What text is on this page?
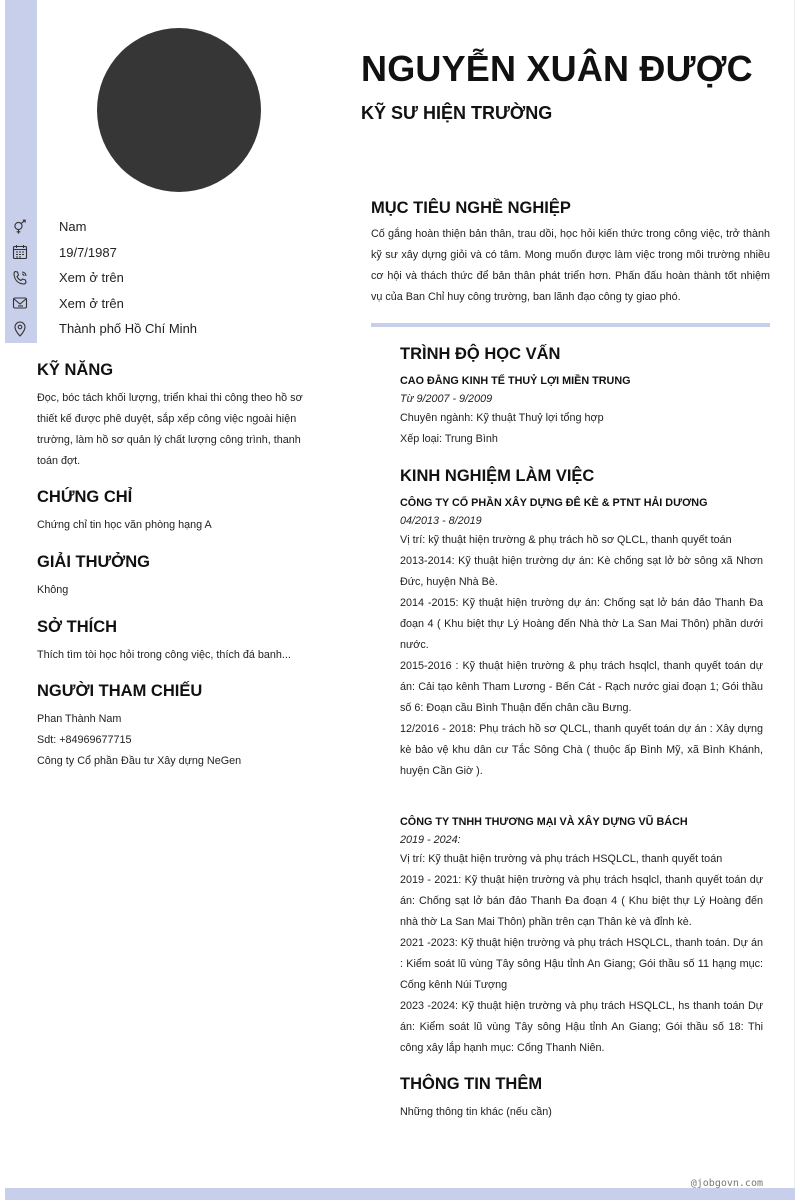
NGUYỄN XUÂN ĐƯỢC
KỸ SƯ HIỆN TRƯỜNG
Nam
19/7/1987
Xem ở trên
Xem ở trên
Thành phố Hồ Chí Minh
KỸ NĂNG
Đọc, bóc tách khối lượng, triển khai thi công theo hồ sơ thiết kế được phê duyệt, sắp xếp công việc ngoài hiện trường, làm hồ sơ quản lý chất lượng công trình, thanh toán đợt.
CHỨNG CHỈ
Chứng chỉ tin học văn phòng hạng A
GIẢI THƯỞNG
Không
SỞ THÍCH
Thích tìm tòi học hỏi trong công việc, thích đá banh...
NGƯỜI THAM CHIẾU
Phan Thành Nam
Sdt: +84969677715
Công ty Cổ phần Đầu tư Xây dựng NeGen
MỤC TIÊU NGHỀ NGHIỆP
Cố gắng hoàn thiện bản thân, trau dồi, học hỏi kiến thức trong công việc, trở thành kỹ sư xây dựng giỏi và có tâm. Mong muốn được làm việc trong môi trường nhiều cơ hội và thách thức để bản thân phát triển hơn. Phấn đấu hoàn thành tốt nhiệm vụ của Ban Chỉ huy công trường, ban lãnh đạo công ty giao phó.
TRÌNH ĐỘ HỌC VẤN
CAO ĐẲNG KINH TẾ THUỶ LỢI MIỀN TRUNG
Từ 9/2007 - 9/2009
Chuyên ngành: Kỹ thuật Thuỷ lợi tổng hợp
Xếp loại: Trung Bình
KINH NGHIỆM LÀM VIỆC
CÔNG TY CỔ PHẦN XÂY DỰNG ĐÊ KÈ & PTNT HẢI DƯƠNG
04/2013 - 8/2019
Vị trí: kỹ thuật hiện trường & phụ trách hồ sơ QLCL, thanh quyết toán
2013-2014: Kỹ thuật hiện trường dự án: Kè chống sạt lở bờ sông xã Nhơn Đức, huyện Nhà Bè.
2014 -2015: Kỹ thuật hiện trường dự án: Chống sạt lở bán đảo Thanh Đa đoạn 4 ( Khu biệt thự Lý Hoàng đến Nhà thờ La San Mai Thôn) phần dưới nước.
2015-2016 : Kỹ thuật hiện trường & phụ trách hsqlcl, thanh quyết toán dự án: Cải tạo kênh Tham Lương - Bến Cát - Rạch nước giai đoạn 1; Gói thầu số 6: Đoạn cầu Bình Thuận đến chân cầu Bưng.
12/2016 - 2018: Phụ trách hồ sơ QLCL, thanh quyết toán dự án : Xây dựng kè bảo vệ khu dân cư Tắc Sông Chà ( thuộc ấp Bình Mỹ, xã Bình Khánh, huyện Cần Giờ ).
CÔNG TY TNHH THƯƠNG MẠI VÀ XÂY DỰNG VŨ BÁCH
2019 - 2024:
Vị trí: Kỹ thuật hiện trường và phụ trách HSQLCL, thanh quyết toán
2019 - 2021: Kỹ thuật hiện trường và phụ trách hsqlcl, thanh quyết toán dự án: Chống sạt lở bán đảo Thanh Đa đoạn 4 ( Khu biệt thự Lý Hoàng đến nhà thờ La San Mai Thôn) phần trên cạn Thân kè và đỉnh kè.
2021 -2023: Kỹ thuật hiện trường và phụ trách HSQLCL, thanh toán. Dự án : Kiểm soát lũ vùng Tây sông Hậu tỉnh An Giang; Gói thầu số 11 hạng mục: Cống kênh Núi Tượng
2023 -2024: Kỹ thuật hiện trường và phụ trách HSQLCL, hs thanh toán Dự án: Kiểm soát lũ vùng Tây sông Hậu tỉnh An Giang; Gói thầu số 18: Thi công xây lắp hạnh mục: Cống Thanh Niên.
THÔNG TIN THÊM
Những thông tin khác (nếu cần)
@jobgovn.com
